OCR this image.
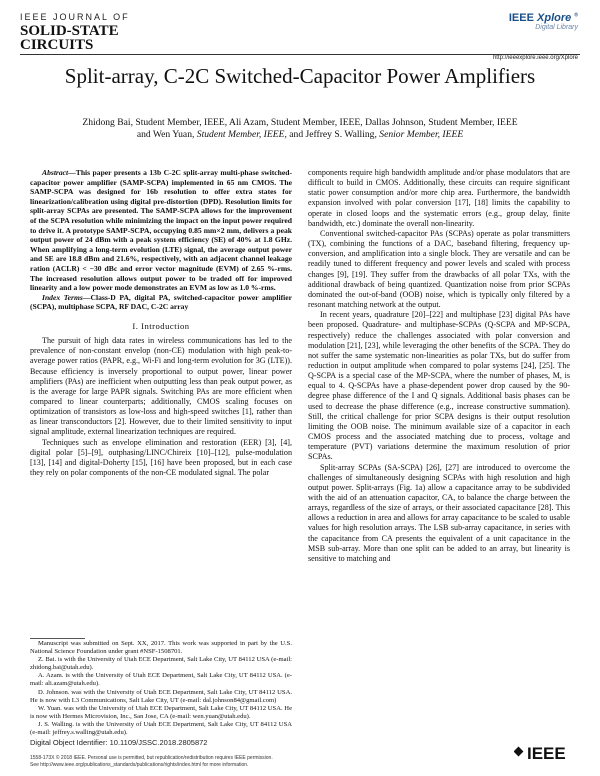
IEEE JOURNAL OF
SOLID-STATE
CIRCUITS
IEEE Xplore ®
Digital Library
http://ieeexplore.ieee.org/Xplore
Split-array, C-2C Switched-Capacitor Power Amplifiers
Zhidong Bai, Student Member, IEEE, Ali Azam, Student Member, IEEE, Dallas Johnson, Student Member, IEEE
and Wen Yuan, Student Member, IEEE, and Jeffrey S. Walling, Senior Member, IEEE

Abstract—This paper presents a 13b C-2C split-array multi-phase switched-capacitor power amplifier (SAMP-SCPA) implemented in 65 nm CMOS. The SAMP-SCPA was designed for 16b resolution to offer extra states for linearization/calibration using digital pre-distortion (DPD). Resolution limits for split-array SCPAs are presented. The SAMP-SCPA allows for the improvement of the SCPA resolution while minimizing the impact on the input power required to drive it. A prototype SAMP-SCPA, occupying 0.85 mm×2 mm, delivers a peak output power of 24 dBm with a peak system efficiency (SE) of 40% at 1.8 GHz. When amplifying a long-term evolution (LTE) signal, the average output power and SE are 18.8 dBm and 21.6%, respectively, with an adjacent channel leakage ration (ACLR) < −30 dBc and error vector magnitude (EVM) of 2.65 %-rms. The increased resolution allows output power to be traded off for improved linearity and a low power mode demonstrates an EVM as low as 1.0 %-rms.

Index Terms—Class-D PA, digital PA, switched-capacitor power amplifier (SCPA), multiphase SCPA, RF DAC, C-2C array

I. Introduction

The pursuit of high data rates in wireless communications has led to the prevalence of non-constant envelop (non-CE) modulation with high peak-to-average power ratios (PAPR, e.g., Wi-Fi and long-term evolution for 3G (LTE)). Because efficiency is inversely proportional to output power, linear power amplifiers (PAs) are inefficient when outputting less than peak output power, as is the average for large PAPR signals. Switching PAs are more efficient when compared to linear counterparts; additionally, CMOS scaling focuses on optimization of transistors as low-loss and high-speed switches [1], rather than as linear transconductors [2]. However, due to their limited sensitivity to input signal amplitude, external linearization techniques are required.

Techniques such as envelope elimination and restoration (EER) [3], [4], digital polar [5]–[9], outphasing/LINC/Chireix [10]–[12], pulse-modulation [13], [14] and digital-Doherty [15], [16] have been proposed, but in each case they rely on polar components of the non-CE modulated signal. The polar

Manuscript was submitted on Sept. XX, 2017. This work was supported in part by the U.S. National Science Foundation under grant #NSF-1508701.

Z. Bai. is with the University of Utah ECE Department, Salt Lake City, UT 84112 USA (e-mail: zhidong.bai@utah.edu).

A. Azam. is with the University of Utah ECE Department, Salt Lake City, UT 84112 USA. (e-mail: ali.azam@utah.edu).

D. Johnson. was with the University of Utah ECE Department, Salt Lake City, UT 84112 USA. He is now with L3 Communications, Salt Lake City, UT (e-mail: dal.johnson84@gmail.com)

W. Yuan. was with the University of Utah ECE Department, Salt Lake City, UT 84112 USA. He is now with Hermes Microvision, Inc., San Jose, CA (e-mail: wen.yuan@utah.edu).

J. S. Walling. is with the University of Utah ECE Department, Salt Lake City, UT 84112 USA (e-mail: jeffrey.s.walling@utah.edu).

components require high bandwidth amplitude and/or phase modulators that are difficult to build in CMOS. Additionally, these circuits can require significant static power consumption and/or more chip area. Furthermore, the bandwidth expansion involved with polar conversion [17], [18] limits the capability to operate in closed loops and the systematic errors (e.g., group delay, finite bandwidth, etc.) dominate the overall non-linearity.

Conventional switched-capacitor PAs (SCPAs) operate as polar transmitters (TX), combining the functions of a DAC, baseband filtering, frequency up-conversion, and amplification into a single block. They are versatile and can be readily tuned to different frequency and power levels and scaled with process changes [9], [19]. They suffer from the drawbacks of all polar TXs, with the additional drawback of being quantized. Quantization noise from prior SCPAs dominated the out-of-band (OOB) noise, which is typically only filtered by a resonant matching network at the output.

In recent years, quadrature [20]–[22] and multiphase [23] digital PAs have been proposed. Quadrature- and multiphase-SCPAs (Q-SCPA and MP-SCPA, respectively) reduce the challenges associated with polar conversion and modulation [21], [23], while leveraging the other benefits of the SCPA. They do not suffer the same systematic non-linearities as polar TXs, but do suffer from reduction in output amplitude when compared to polar systems [24], [25]. The Q-SCPA is a special case of the MP-SCPA, where the number of phases, M, is equal to 4. Q-SCPAs have a phase-dependent power drop caused by the 90-degree phase difference of the I and Q signals. Additional basis phases can be used to decrease the phase difference (e.g., increase constructive summation). Still, the critical challenge for prior SCPA designs is their output resolution limiting the OOB noise. The minimum available size of a capacitor in each CMOS process and the associated matching due to process, voltage and temperature (PVT) variations determine the maximum resolution of prior SCPAs.

Split-array SCPAs (SA-SCPA) [26], [27] are introduced to overcome the challenges of simultaneously designing SCPAs with high resolution and high output power. Split-arrays (Fig. 1a) allow a capacitance array to be subdivided with the aid of an attenuation capacitor, CA, to balance the charge between the arrays, regardless of the size of arrays, or their associated capacitance [28]. This allows a reduction in area and allows for array capacitance to be scaled to usable values for high resolution arrays. The LSB sub-array capacitance, in series with the capacitance from CA presents the equivalent of a unit capacitance in the MSB sub-array. More than one split can be added to an array, but linearity is sensitive to matching and

Digital Object Identifier: 10.1109/JSSC.2018.2805872
1558-173X © 2018 IEEE. Personal use is permitted, but republication/redistribution requires IEEE permission.
See http://www.ieee.org/publications_standards/publications/rights/index.html for more information.
IEEE
